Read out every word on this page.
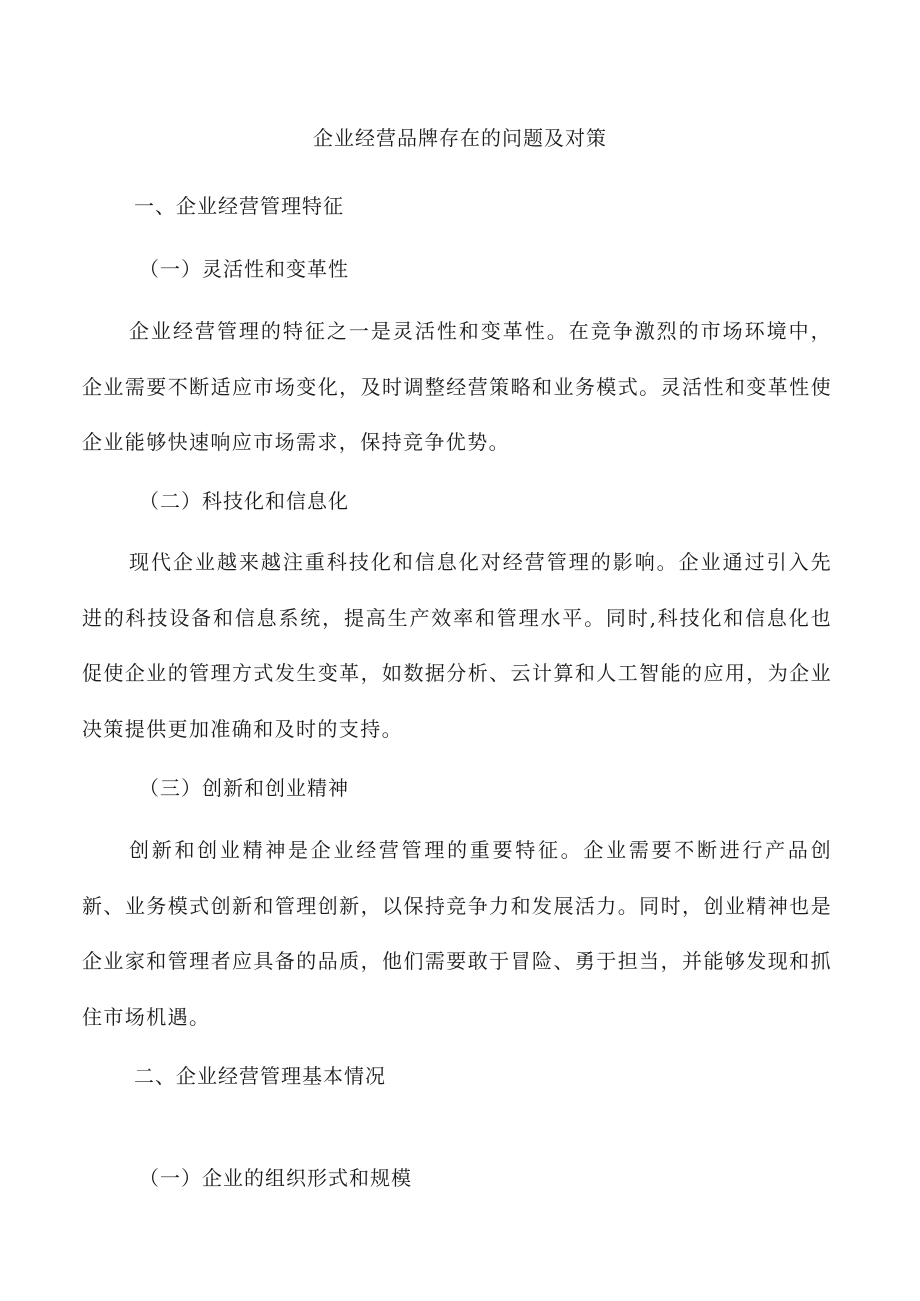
企业经营品牌存在的问题及对策
一、企业经营管理特征
（一）灵活性和变革性

企业经营管理的特征之一是灵活性和变革性。在竞争激烈的市场环境中，企业需要不断适应市场变化，及时调整经营策略和业务模式。灵活性和变革性使企业能够快速响应市场需求，保持竞争优势。

（二）科技化和信息化

现代企业越来越注重科技化和信息化对经营管理的影响。企业通过引入先进的科技设备和信息系统，提高生产效率和管理水平。同时,科技化和信息化也促使企业的管理方式发生变革，如数据分析、云计算和人工智能的应用，为企业决策提供更加准确和及时的支持。

（三）创新和创业精神

创新和创业精神是企业经营管理的重要特征。企业需要不断进行产品创新、业务模式创新和管理创新，以保持竞争力和发展活力。同时，创业精神也是企业家和管理者应具备的品质，他们需要敢于冒险、勇于担当，并能够发现和抓住市场机遇。

二、企业经营管理基本情况
（一）企业的组织形式和规模
